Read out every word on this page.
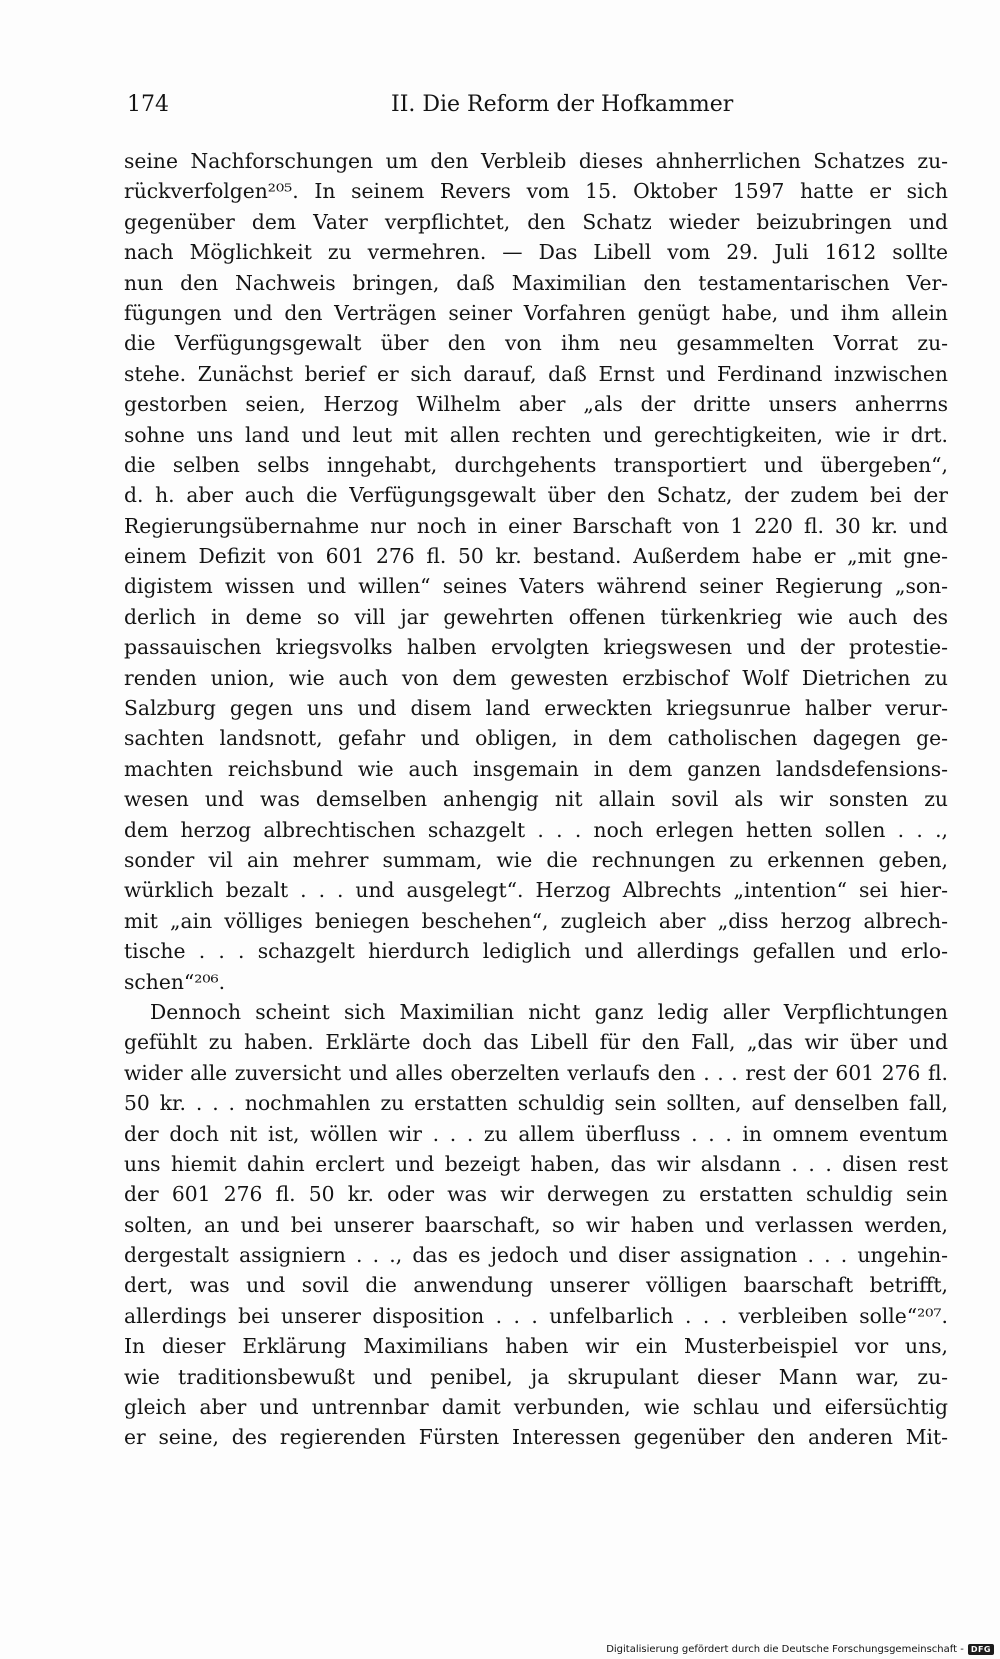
174	II. Die Reform der Hofkammer
seine Nachforschungen um den Verbleib dieses ahnherrlichen Schatzes zu-
rückverfolgen²⁰⁵. In seinem Revers vom 15. Oktober 1597 hatte er sich
gegenüber dem Vater verpflichtet, den Schatz wieder beizubringen und
nach Möglichkeit zu vermehren. — Das Libell vom 29. Juli 1612 sollte
nun den Nachweis bringen, daß Maximilian den testamentarischen Ver-
fügungen und den Verträgen seiner Vorfahren genügt habe, und ihm allein
die Verfügungsgewalt über den von ihm neu gesammelten Vorrat zu-
stehe. Zunächst berief er sich darauf, daß Ernst und Ferdinand inzwischen
gestorben seien, Herzog Wilhelm aber „als der dritte unsers anherrns
sohne uns land und leut mit allen rechten und gerechtigkeiten, wie ir drt.
die selben selbs inngehabt, durchgehents transportiert und übergeben“,
d. h. aber auch die Verfügungsgewalt über den Schatz, der zudem bei der
Regierungsübernahme nur noch in einer Barschaft von 1 220 fl. 30 kr. und
einem Defizit von 601 276 fl. 50 kr. bestand. Außerdem habe er „mit gne-
digistem wissen und willen“ seines Vaters während seiner Regierung „son-
derlich in deme so vill jar gewehrten offenen türkenkrieg wie auch des
passauischen kriegsvolks halben ervolgten kriegswesen und der protestie-
renden union, wie auch von dem gewesten erzbischof Wolf Dietrichen zu
Salzburg gegen uns und disem land erweckten kriegsunrue halber verur-
sachten landsnott, gefahr und obligen, in dem catholischen dagegen ge-
machten reichsbund wie auch insgemain in dem ganzen landsdefensions-
wesen und was demselben anhengig nit allain sovil als wir sonsten zu
dem herzog albrechtischen schazgelt . . . noch erlegen hetten sollen . . .,
sonder vil ain mehrer summam, wie die rechnungen zu erkennen geben,
würklich bezalt . . . und ausgelegt“. Herzog Albrechts „intention“ sei hier-
mit „ain völliges beniegen beschehen“, zugleich aber „diss herzog albrech-
tische . . . schazgelt hierdurch lediglich und allerdings gefallen und erlo-
schen“²⁰⁶.
Dennoch scheint sich Maximilian nicht ganz ledig aller Verpflichtungen
gefühlt zu haben. Erklärte doch das Libell für den Fall, „das wir über und
wider alle zuversicht und alles oberzelten verlaufs den . . . rest der 601 276 fl.
50 kr. . . . nochmahlen zu erstatten schuldig sein sollten, auf denselben fall,
der doch nit ist, wöllen wir . . . zu allem überfluss . . . in omnem eventum
uns hiemit dahin erclert und bezeigt haben, das wir alsdann . . . disen rest
der 601 276 fl. 50 kr. oder was wir derwegen zu erstatten schuldig sein
solten, an und bei unserer baarschaft, so wir haben und verlassen werden,
dergestalt assigniern . . ., das es jedoch und diser assignation . . . ungehin-
dert, was und sovil die anwendung unserer völligen baarschaft betrifft,
allerdings bei unserer disposition . . . unfelbarlich . . . verbleiben solle“²⁰⁷.
In dieser Erklärung Maximilians haben wir ein Musterbeispiel vor uns,
wie traditionsbewußt und penibel, ja skrupulant dieser Mann war, zu-
gleich aber und untrennbar damit verbunden, wie schlau und eifersüchtig
er seine, des regierenden Fürsten Interessen gegenüber den anderen Mit-
Digitalisierung gefördert durch die Deutsche Forschungsgemeinschaft - DFG
